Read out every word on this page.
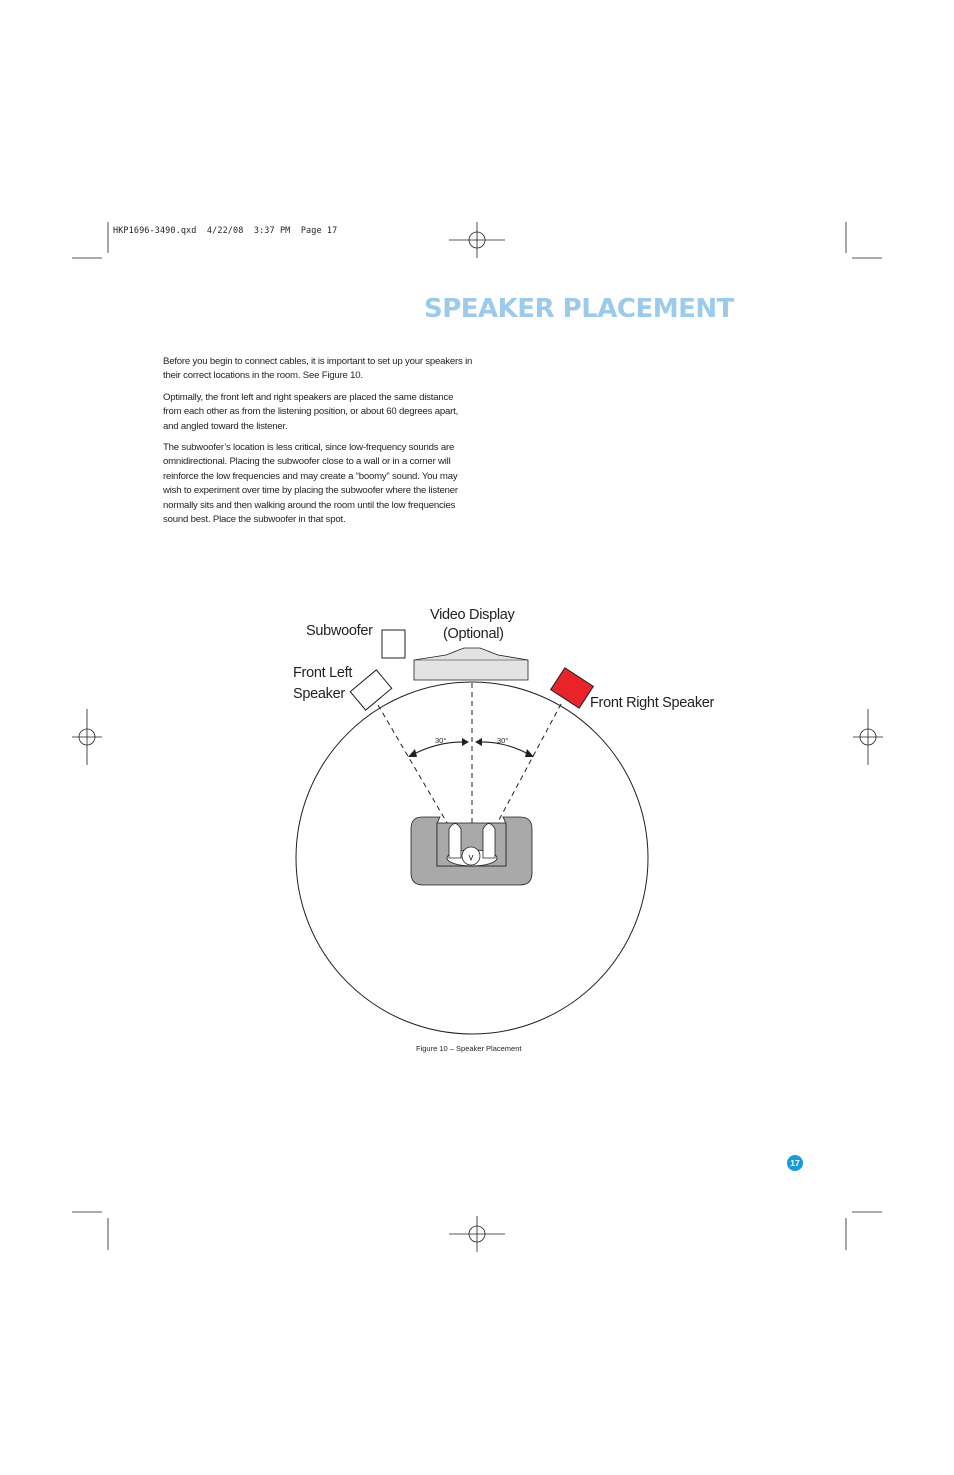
HKP1696-3490.qxd  4/22/08  3:37 PM  Page 17
SPEAKER PLACEMENT

Before you begin to connect cables, it is important to set up your speakers in their correct locations in the room. See Figure 10.

Optimally, the front left and right speakers are placed the same distance from each other as from the listening position, or about 60 degrees apart, and angled toward the listener.

The subwoofer’s location is less critical, since low-frequency sounds are omnidirectional. Placing the subwoofer close to a wall or in a corner will reinforce the low frequencies and may create a “boomy” sound. You may wish to experiment over time by placing the subwoofer where the listener normally sits and then walking around the room until the low frequencies sound best. Place the subwoofer in that spot.

Subwoofer
Video Display
(Optional)
Front Left
Speaker
Front Right Speaker
30°	30°
Figure 10 – Speaker Placement
17
